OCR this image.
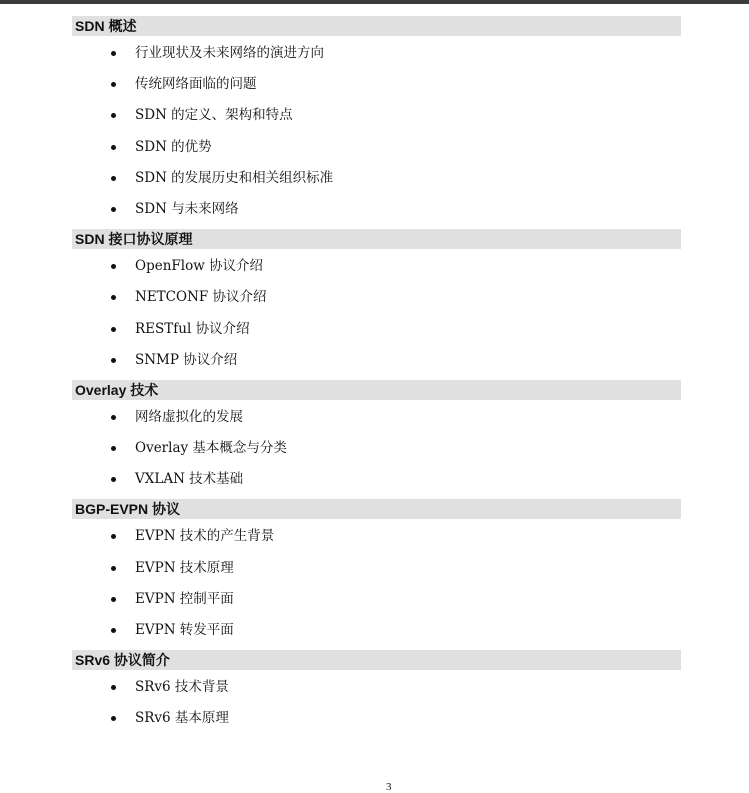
SDN 概述
行业现状及未来网络的演进方向
传统网络面临的问题
SDN 的定义、架构和特点
SDN 的优势
SDN 的发展历史和相关组织标准
SDN 与未来网络
SDN 接口协议原理
OpenFlow 协议介绍
NETCONF 协议介绍
RESTful 协议介绍
SNMP 协议介绍
Overlay 技术
网络虚拟化的发展
Overlay 基本概念与分类
VXLAN 技术基础
BGP-EVPN 协议
EVPN 技术的产生背景
EVPN 技术原理
EVPN 控制平面
EVPN 转发平面
SRv6 协议简介
SRv6 技术背景
SRv6 基本原理
3
